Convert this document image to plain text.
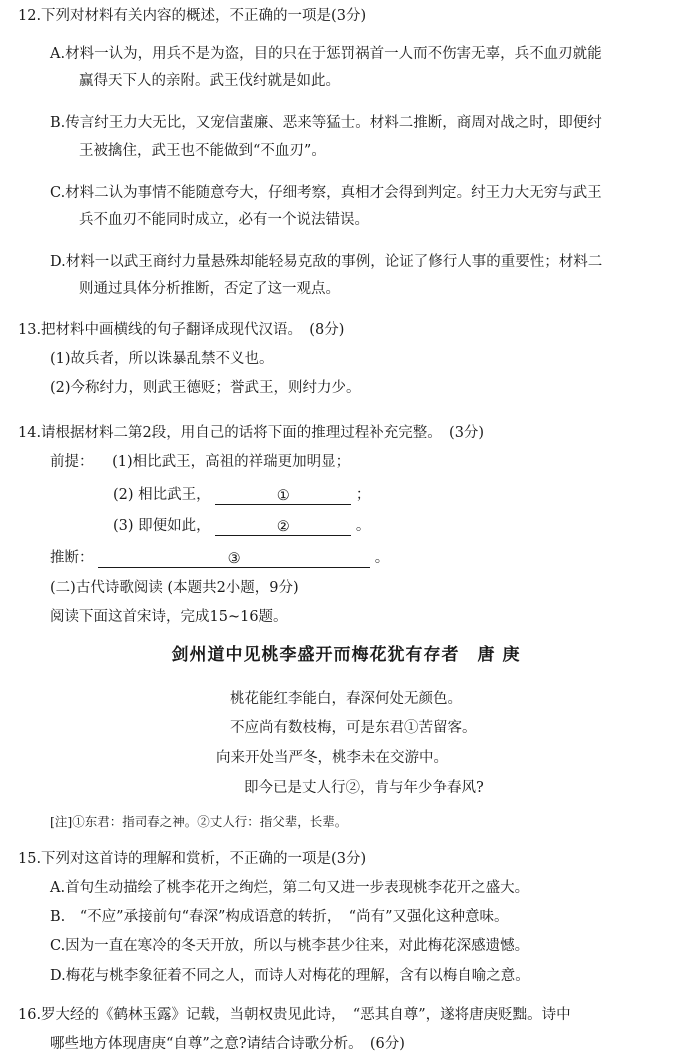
12.下列对材料有关内容的概述，不正确的一项是(3分)
A.材料一认为，用兵不是为盗，目的只在于惩罚祸首一人而不伤害无辜，兵不血刃就能
赢得天下人的亲附。武王伐纣就是如此。
B.传言纣王力大无比，又宠信蜚廉、恶来等猛士。材料二推断，商周对战之时，即便纣
王被擒住，武王也不能做到“不血刃”。
C.材料二认为事情不能随意夸大，仔细考察，真相才会得到判定。纣王力大无穷与武王
兵不血刃不能同时成立，必有一个说法错误。
D.材料一以武王商纣力量悬殊却能轻易克敌的事例，论证了修行人事的重要性；材料二
则通过具体分析推断，否定了这一观点。
13.把材料中画横线的句子翻译成现代汉语。　(8分)
(1)故兵者，所以诛暴乱禁不义也。
(2)今称纣力，则武王德贬；誉武王，则纣力少。
14.请根据材料二第2段，用自己的话将下面的推理过程补充完整。　(3分)
前提： (1)相比武王，高祖的祥瑞更加明显；
(2) 相比武王，	①	；
(3) 即便如此，	②	。
推断：	③	。
(二)古代诗歌阅读 (本题共2小题，9分)
阅读下面这首宋诗，完成15~16题。
剑州道中见桃李盛开而梅花犹有存者　唐 庚
桃花能红李能白，春深何处无颜色。
不应尚有数枝梅，可是东君①苦留客。
向来开处当严冬，桃李未在交游中。
即今已是丈人行②，肯与年少争春风?
[注]①东君：指司春之神。②丈人行：指父辈，长辈。
15.下列对这首诗的理解和赏析，不正确的一项是(3分)
A.首句生动描绘了桃李花开之绚烂，第二句又进一步表现桃李花开之盛大。
B.　“不应”承接前句“春深”构成语意的转折，　“尚有”又强化这种意味。
C.因为一直在寒冷的冬天开放，所以与桃李甚少往来，对此梅花深感遗憾。
D.梅花与桃李象征着不同之人，而诗人对梅花的理解，含有以梅自喻之意。
16.罗大经的《鹤林玉露》记载，当朝权贵见此诗，　“恶其自尊”，遂将唐庚贬黜。诗中
哪些地方体现唐庚“自尊”之意?请结合诗歌分析。　(6分)
